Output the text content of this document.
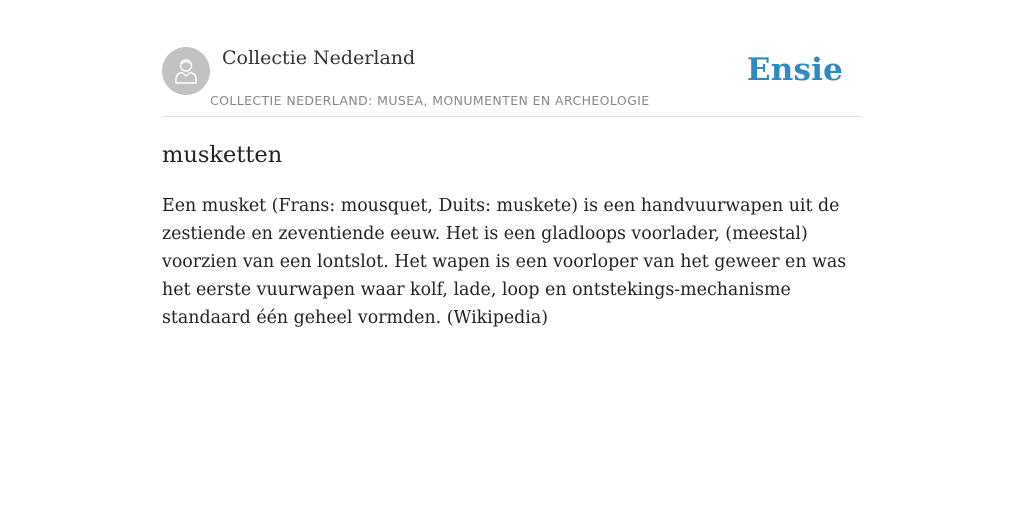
Collectie Nederland
COLLECTIE NEDERLAND: MUSEA, MONUMENTEN EN ARCHEOLOGIE
Ensie
musketten

Een musket (Frans: mousquet, Duits: muskete) is een handvuurwapen uit de zestiende en zeventiende eeuw. Het is een gladloops voorlader, (meestal) voorzien van een lontslot. Het wapen is een voorloper van het geweer en was het eerste vuurwapen waar kolf, lade, loop en ontstekings-mechanisme standaard één geheel vormden. (Wikipedia)
